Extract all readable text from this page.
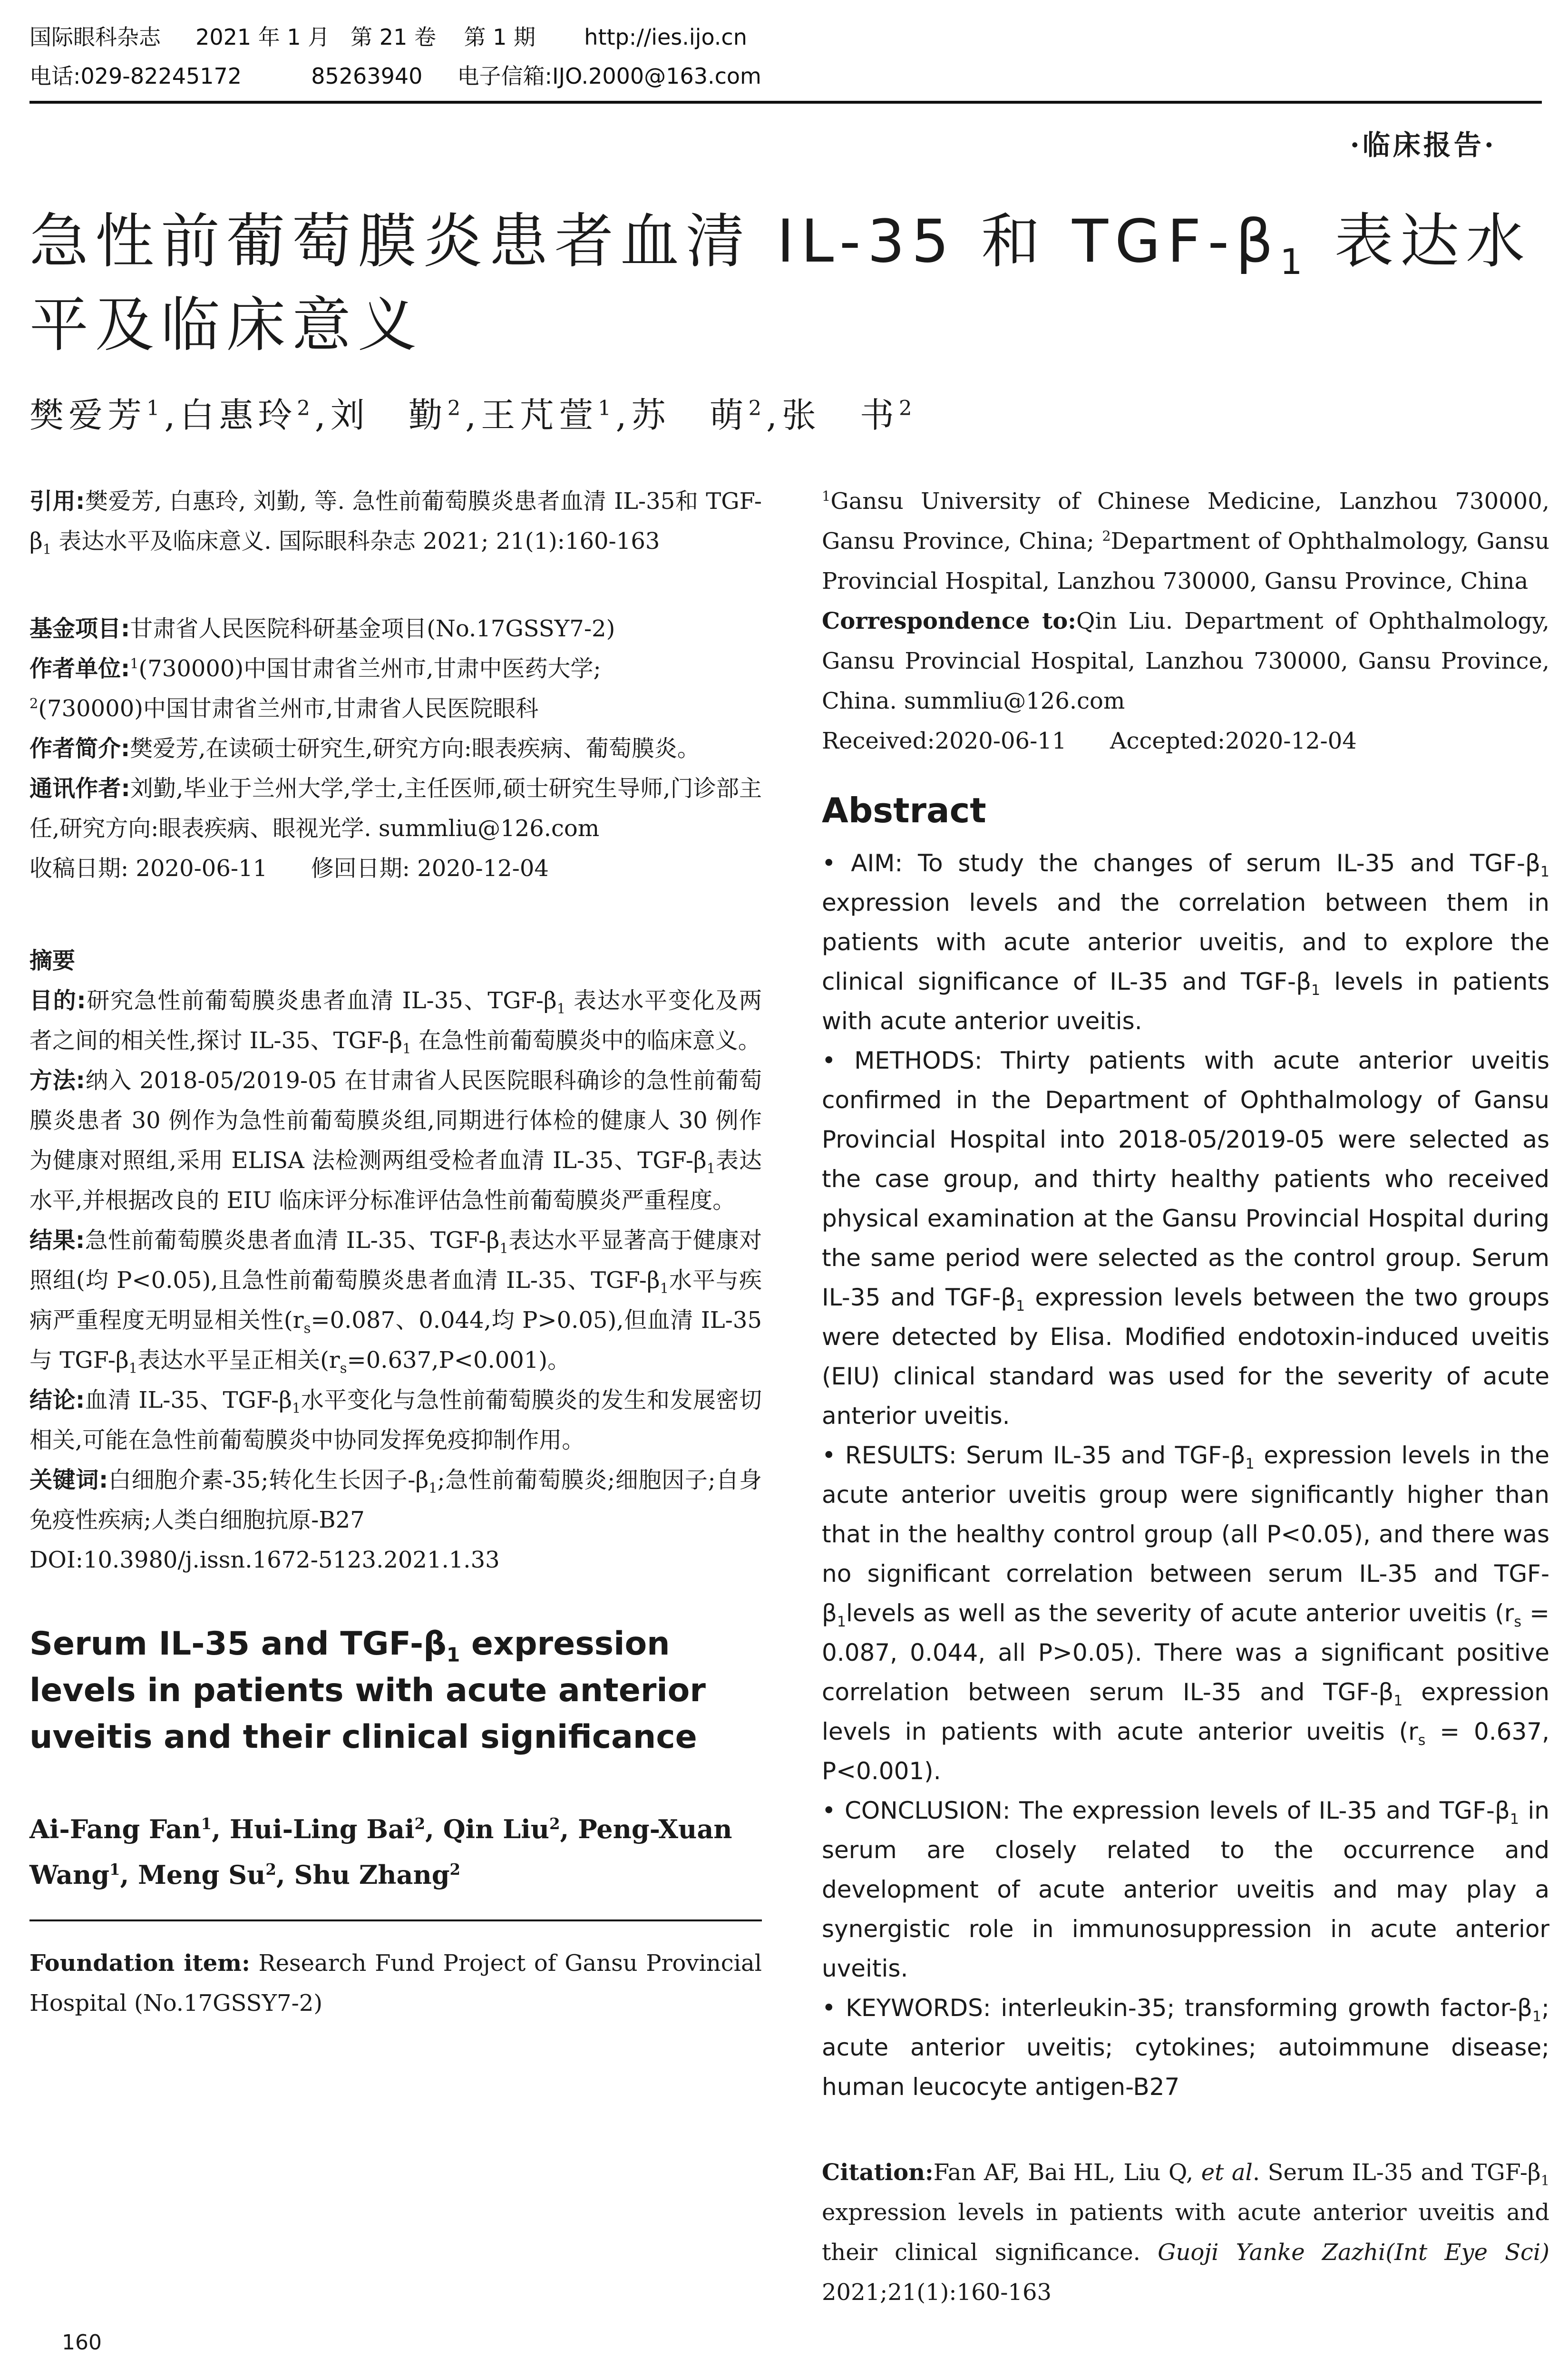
国际眼科杂志     2021 年 1 月   第 21 卷    第 1 期       http://ies.ijo.cn
电话:029-82245172          85263940     电子信箱:IJO.2000@163.com
·临床报告·
急性前葡萄膜炎患者血清 IL-35 和 TGF-$\beta_1$ 表达水平及临床意义
樊爱芳$^1$,白惠玲$^2$,刘　勤$^2$,王芃萱$^1$,苏　萌$^2$,张　书$^2$

引用:樊爱芳, 白惠玲, 刘勤, 等. 急性前葡萄膜炎患者血清 IL-35和 TGF-$\beta_1$ 表达水平及临床意义. 国际眼科杂志 2021; 21(1):160-163

基金项目:甘肃省人民医院科研基金项目(No.17GSSY7-2)

作者单位:$^1$(730000)中国甘肃省兰州市,甘肃中医药大学;
$^2$(730000)中国甘肃省兰州市,甘肃省人民医院眼科

作者简介:樊爱芳,在读硕士研究生,研究方向:眼表疾病、葡萄膜炎。

通讯作者:刘勤,毕业于兰州大学,学士,主任医师,硕士研究生导师,门诊部主任,研究方向:眼表疾病、眼视光学. summliu@126.com

收稿日期: 2020-06-11      修回日期: 2020-12-04

摘要

目的:研究急性前葡萄膜炎患者血清 IL-35、TGF-$\beta_1$ 表达水平变化及两者之间的相关性,探讨 IL-35、TGF-$\beta_1$ 在急性前葡萄膜炎中的临床意义。

方法:纳入 2018-05/2019-05 在甘肃省人民医院眼科确诊的急性前葡萄膜炎患者 30 例作为急性前葡萄膜炎组,同期进行体检的健康人 30 例作为健康对照组,采用 ELISA 法检测两组受检者血清 IL-35、TGF-$\beta_1$表达水平,并根据改良的 EIU 临床评分标准评估急性前葡萄膜炎严重程度。

结果:急性前葡萄膜炎患者血清 IL-35、TGF-$\beta_1$表达水平显著高于健康对照组(均 P<0.05),且急性前葡萄膜炎患者血清 IL-35、TGF-$\beta_1$水平与疾病严重程度无明显相关性($r_s=0.087$、0.044,均 P>0.05),但血清 IL-35 与 TGF-$\beta_1$表达水平呈正相关$(r_s=0.637,P<0.001)$。

结论:血清 IL-35、TGF-$\beta_1$水平变化与急性前葡萄膜炎的发生和发展密切相关,可能在急性前葡萄膜炎中协同发挥免疫抑制作用。

关键词:白细胞介素-35;转化生长因子$-\beta_1$;急性前葡萄膜炎;细胞因子;自身免疫性疾病;人类白细胞抗原-B27

DOI:10.3980/j.issn.1672-5123.2021.1.33

Serum IL-35 and TGF-$\beta_1$ expression levels in patients with acute anterior uveitis and their clinical significance
Ai-Fang Fan$^1$, Hui-Ling Bai$^2$, Qin Liu$^2$, Peng-Xuan Wang$^1$, Meng Su$^2$, Shu Zhang$^2$

Foundation item: Research Fund Project of Gansu Provincial Hospital (No.17GSSY7-2)

$^1$Gansu University of Chinese Medicine, Lanzhou 730000, Gansu Province, China; $^2$Department of Ophthalmology, Gansu Provincial Hospital, Lanzhou 730000, Gansu Province, China

Correspondence to:Qin Liu. Department of Ophthalmology, Gansu Provincial Hospital, Lanzhou 730000, Gansu Province, China. summliu@126.com

Received:2020-06-11      Accepted:2020-12-04

Abstract

• AIM: To study the changes of serum IL-35 and TGF-$\beta_1$ expression levels and the correlation between them in patients with acute anterior uveitis, and to explore the clinical significance of IL-35 and TGF-$\beta_1$ levels in patients with acute anterior uveitis.

• METHODS: Thirty patients with acute anterior uveitis confirmed in the Department of Ophthalmology of Gansu Provincial Hospital into 2018-05/2019-05 were selected as the case group, and thirty healthy patients who received physical examination at the Gansu Provincial Hospital during the same period were selected as the control group. Serum IL-35 and TGF-$\beta_1$ expression levels between the two groups were detected by Elisa. Modified endotoxin-induced uveitis (EIU) clinical standard was used for the severity of acute anterior uveitis.

• RESULTS: Serum IL-35 and TGF-$\beta_1$ expression levels in the acute anterior uveitis group were significantly higher than that in the healthy control group (all P<0.05), and there was no significant correlation between serum IL-35 and TGF-$\beta_1levels$ as well as the severity of acute anterior uveitis ($r_s = 0.087$, 0.044, all P>0.05). There was a significant positive correlation between serum IL-35 and TGF-$\beta_1$ expression levels in patients with acute anterior uveitis ($r_s = 0.637$, P<0.001).

• CONCLUSION: The expression levels of IL-35 and TGF-$\beta_1$ in serum are closely related to the occurrence and development of acute anterior uveitis and may play a synergistic role in immunosuppression in acute anterior uveitis.

• KEYWORDS: interleukin-35; transforming growth factor-$\beta_1$; acute anterior uveitis; cytokines; autoimmune disease; human leucocyte antigen-B27

Citation:Fan AF, Bai HL, Liu Q, et al. Serum IL-35 and TGF-$\beta_1$ expression levels in patients with acute anterior uveitis and their clinical significance. Guoji Yanke Zazhi(Int Eye Sci) 2021;21(1):160-163

160
